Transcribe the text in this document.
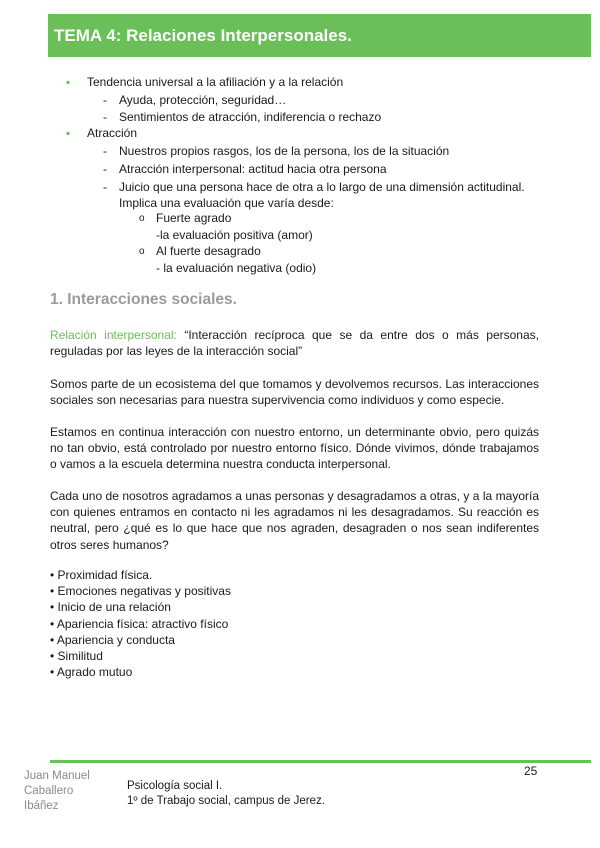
TEMA 4: Relaciones Interpersonales.
▪ Tendencia universal a la afiliación y a la relación
- Ayuda, protección, seguridad…
- Sentimientos de atracción, indiferencia o rechazo
▪ Atracción
- Nuestros propios rasgos, los de la persona, los de la situación
- Atracción interpersonal: actitud hacia otra persona
- Juicio que una persona hace de otra a lo largo de una dimensión actitudinal.
Implica una evaluación que varía desde:
o Fuerte agrado
-la evaluación positiva (amor)
o Al fuerte desagrado
- la evaluación negativa (odio)
1. Interacciones sociales.
Relación interpersonal: “Interacción recíproca que se da entre dos o más personas, reguladas por las leyes de la interacción social”
Somos parte de un ecosistema del que tomamos y devolvemos recursos. Las interacciones sociales son necesarias para nuestra supervivencia como individuos y como especie.
Estamos en continua interacción con nuestro entorno, un determinante obvio, pero quizás no tan obvio, está controlado por nuestro entorno físico. Dónde vivimos, dónde trabajamos o vamos a la escuela determina nuestra conducta interpersonal.
Cada uno de nosotros agradamos a unas personas y desagradamos a otras, y a la mayoría con quienes entramos en contacto ni les agradamos ni les desagradamos. Su reacción es neutral, pero ¿qué es lo que hace que nos agraden, desagraden o nos sean indiferentes otros seres humanos?
• Proximidad física.
• Emociones negativas y positivas
• Inicio de una relación
• Apariencia física: atractivo físico
• Apariencia y conducta
• Similitud
• Agrado mutuo
25
Juan Manuel
Caballero
Ibáñez
Psicología social I.
1º de Trabajo social, campus de Jerez.
